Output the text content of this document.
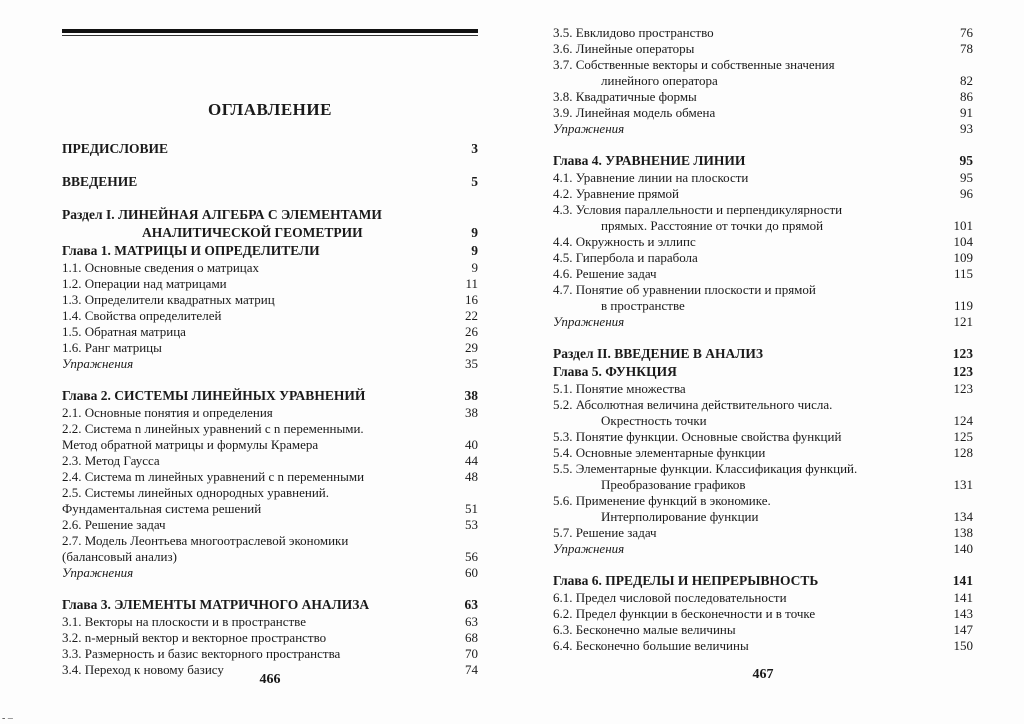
ОГЛАВЛЕНИЕ
ПРЕДИСЛОВИЕ	3
ВВЕДЕНИЕ	5
Раздел I. ЛИНЕЙНАЯ АЛГЕБРА С ЭЛЕМЕНТАМИ
АНАЛИТИЧЕСКОЙ ГЕОМЕТРИИ	9
Глава 1. МАТРИЦЫ И ОПРЕДЕЛИТЕЛИ	9
1.1. Основные сведения о матрицах	9
1.2. Операции над матрицами	11
1.3. Определители квадратных матриц	16
1.4. Свойства определителей	22
1.5. Обратная матрица	26
1.6. Ранг матрицы	29
Упражнения	35
Глава 2. СИСТЕМЫ ЛИНЕЙНЫХ УРАВНЕНИЙ	38
2.1. Основные понятия и определения	38
2.2. Система n линейных уравнений с n переменными.
Метод обратной матрицы и формулы Крамера	40
2.3. Метод Гаусса	44
2.4. Система m линейных уравнений с n переменными	48
2.5. Системы линейных однородных уравнений.
Фундаментальная система решений	51
2.6. Решение задач	53
2.7. Модель Леонтьева многоотраслевой экономики
(балансовый анализ)	56
Упражнения	60
Глава 3. ЭЛЕМЕНТЫ МАТРИЧНОГО АНАЛИЗА	63
3.1. Векторы на плоскости и в пространстве	63
3.2. n-мерный вектор и векторное пространство	68
3.3. Размерность и базис векторного пространства	70
3.4. Переход к новому базису	74
3.5. Евклидово пространство	76
3.6. Линейные операторы	78
3.7. Собственные векторы и собственные значения
линейного оператора	82
3.8. Квадратичные формы	86
3.9. Линейная модель обмена	91
Упражнения	93
Глава 4. УРАВНЕНИЕ ЛИНИИ	95
4.1. Уравнение линии на плоскости	95
4.2. Уравнение прямой	96
4.3. Условия параллельности и перпендикулярности
прямых. Расстояние от точки до прямой	101
4.4. Окружность и эллипс	104
4.5. Гипербола и парабола	109
4.6. Решение задач	115
4.7. Понятие об уравнении плоскости и прямой
в пространстве	119
Упражнения	121
Раздел II. ВВЕДЕНИЕ В АНАЛИЗ	123
Глава 5. ФУНКЦИЯ	123
5.1. Понятие множества	123
5.2. Абсолютная величина действительного числа.
Окрестность точки	124
5.3. Понятие функции. Основные свойства функций	125
5.4. Основные элементарные функции	128
5.5. Элементарные функции. Классификация функций.
Преобразование графиков	131
5.6. Применение функций в экономике.
Интерполирование функции	134
5.7. Решение задач	138
Упражнения	140
Глава 6. ПРЕДЕЛЫ И НЕПРЕРЫВНОСТЬ	141
6.1. Предел числовой последовательности	141
6.2. Предел функции в бесконечности и в точке	143
6.3. Бесконечно малые величины	147
6.4. Бесконечно большие величины	150
466	467
- –
